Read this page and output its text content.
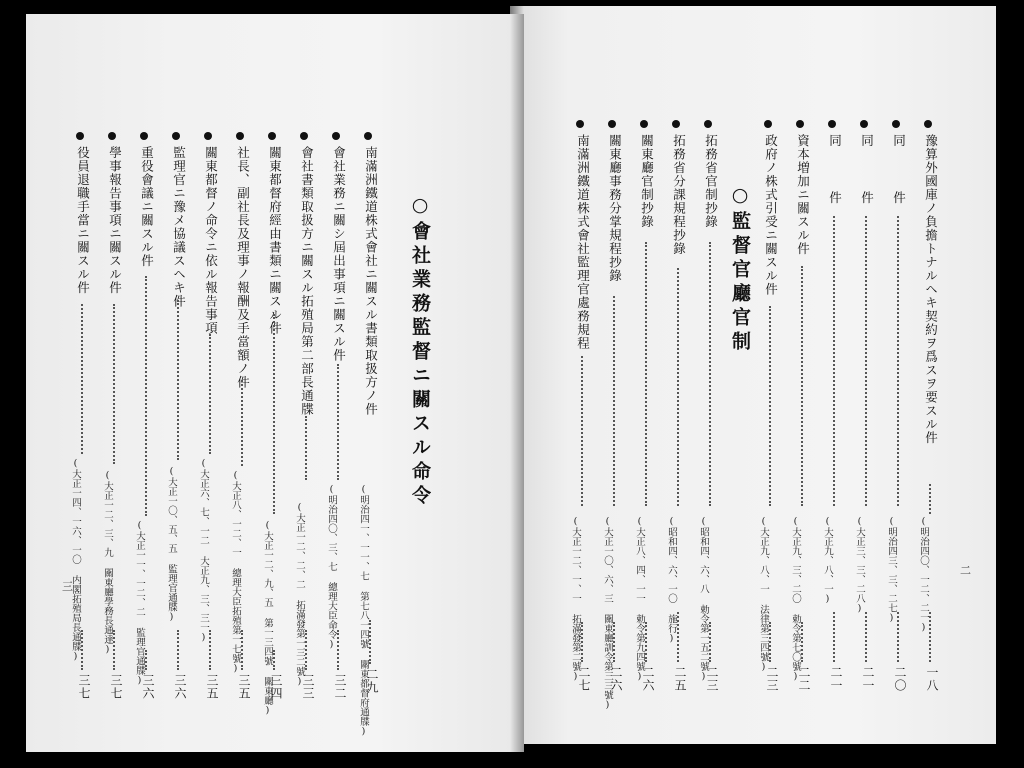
二
豫算外國庫ノ負擔トナルヘキ契約ヲ爲スヲ要スル件
(明治四〇、一二、二一)
一八
同　件
(明治四三、三、二七)
二〇
同　件
(大正三、三、二八)
二一
同　件
(大正九、八、一)
二一
資本増加ニ關スル件
(大正九、三、二〇 勅令第七〇號)
二二
政府ノ株式引受ニ關スル件
(大正九、八、一 法律第三四號)
二三
○監督官廳官制
拓務省官制抄錄
(昭和四、六、八 勅令第一五二號)
二三
拓務省分課規程抄錄
(昭和四、六、一〇 施行)
二五
關東廳官制抄錄
(大正八、四、一一 勅令第九四號)
二六
關東廳事務分掌規程抄錄
(大正一〇、六、三 關東廳訓令第三三號)
二六
南滿洲鐵道株式會社監理官處務規程
(大正一二、一、一 拓滿發第二號)
二七
三
○會社業務監督ニ關スル命令
南滿洲鐵道株式會社ニ關スル書類取扱方ノ件
(明治四一、一一、七 第七八一四號 關東都督府通牒)
二九
會社業務ニ關シ屆出事項ニ關スル件
(明治四〇、三、七 總理大臣命令)
三二
會社書類取扱方ニ關スル拓殖局第二部長通牒
(大正一二、二、二 拓滿發第一三二號)
三三
關東都督府經由書類ニ關スル件
(大正一二、九、五 第一三四號 關東廳)
三四
社長、副社長及理事ノ報酬及手當額ノ件
(大正八、一二、一 總理大臣拓殖第一七號)
三五
關東都督ノ命令ニ依ル報告事項
(大正六、七、一二 大正九、三、三一)
三五
監理官ニ豫メ協議スヘキ件
(大正一〇、五、五 監理官通牒)
三六
重役會議ニ關スル件
(大正一一、一二、二 監理官通牒)
三六
學事報告事項ニ關スル件
(大正一二、三、九 關東廳學務長通達)
三七
役員退職手當ニ關スル件
(大正一四、一六、一〇 内閣拓殖局長通牒)
三七
